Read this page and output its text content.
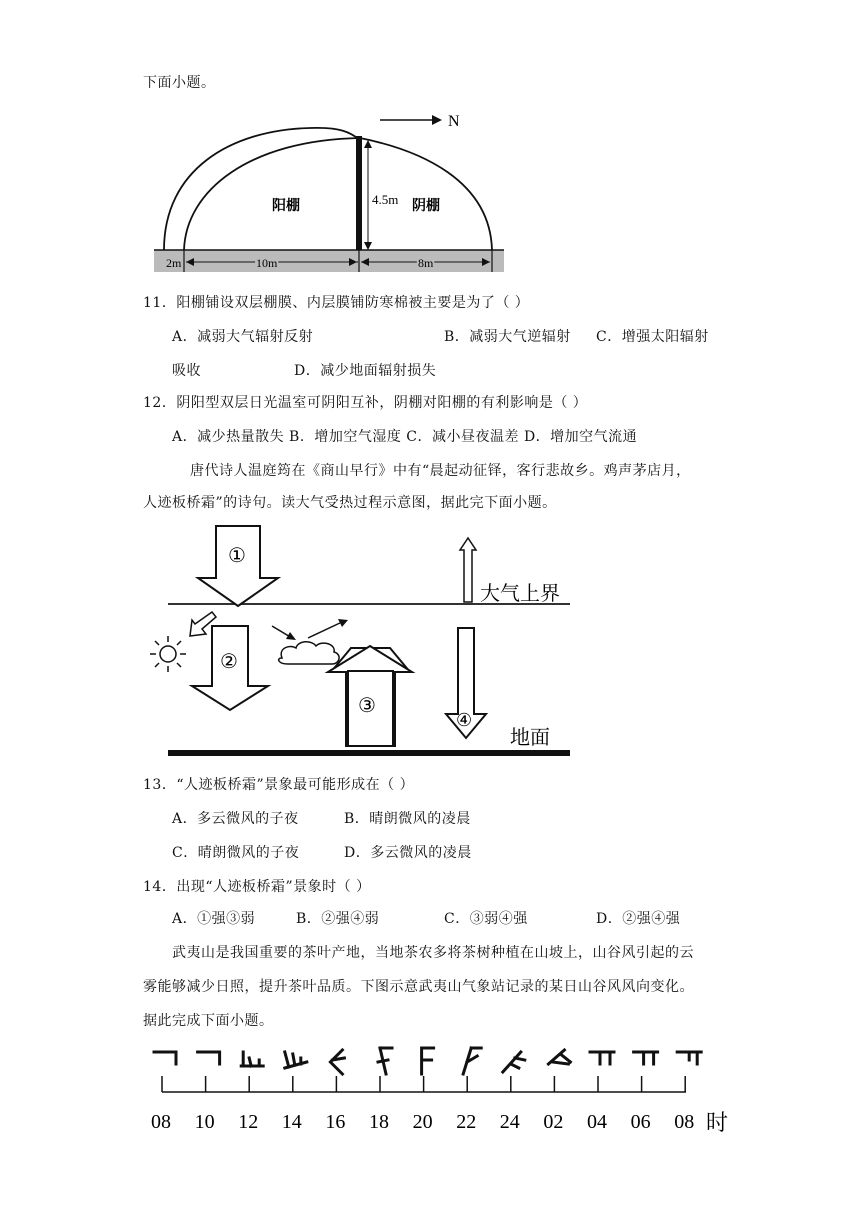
下面小题。
N
4.5m
阳棚	阴棚
2m	10m	8m
11．阳棚铺设双层棚膜、内层膜铺防寒棉被主要是为了（ ）
A．减弱大气辐射反射	B．减弱大气逆辐射 C．增强太阳辐射
吸收	D．减少地面辐射损失
12．阴阳型双层日光温室可阴阳互补，阴棚对阳棚的有利影响是（ ）
A．减少热量散失 B．增加空气湿度 C．减小昼夜温差 D．增加空气流通
唐代诗人温庭筠在《商山早行》中有“晨起动征铎，客行悲故乡。鸡声茅店月，
人迹板桥霜”的诗句。读大气受热过程示意图，据此完下面小题。
大气上界
①
②
③
④
地面
13．“人迹板桥霜”景象最可能形成在（ ）
A．多云微风的子夜	B．晴朗微风的凌晨
C．晴朗微风的子夜	D．多云微风的凌晨
14．出现“人迹板桥霜”景象时（ ）
A．①强③弱	B．②强④弱	C．③弱④强	D．②强④强
武夷山是我国重要的茶叶产地，当地茶农多将茶树种植在山坡上，山谷风引起的云
雾能够减少日照，提升茶叶品质。下图示意武夷山气象站记录的某日山谷风风向变化。
据此完成下面小题。
08 10 12 14 16 18 20 22 24 02 04 06 08 时
